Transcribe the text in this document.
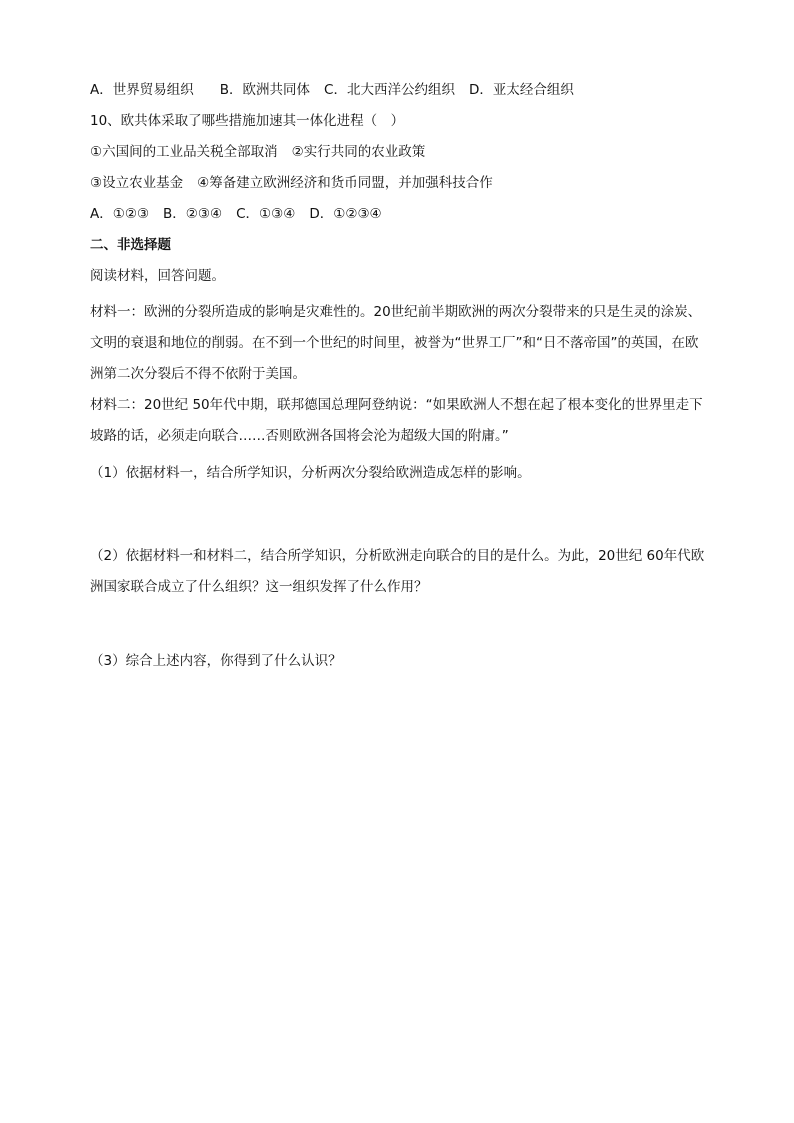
A．世界贸易组织 B．欧洲共同体 C．北大西洋公约组织 D．亚太经合组织
10、欧共体采取了哪些措施加速其一体化进程（　）
①六国间的工业品关税全部取消 ②实行共同的农业政策
③设立农业基金 ④筹备建立欧洲经济和货币同盟，并加强科技合作
A．①②③ B．②③④ C．①③④ D．①②③④
二、非选择题
阅读材料，回答问题。
材料一：欧洲的分裂所造成的影响是灾难性的。20世纪前半期欧洲的两次分裂带来的只是生灵的涂炭、文明的衰退和地位的削弱。在不到一个世纪的时间里，被誉为“世界工厂”和“日不落帝国”的英国，在欧洲第二次分裂后不得不依附于美国。
材料二：20世纪 50年代中期，联邦德国总理阿登纳说：“如果欧洲人不想在起了根本变化的世界里走下坡路的话，必须走向联合……否则欧洲各国将会沦为超级大国的附庸。”
（1）依据材料一，结合所学知识，分析两次分裂给欧洲造成怎样的影响。
（2）依据材料一和材料二，结合所学知识，分析欧洲走向联合的目的是什么。为此，20世纪 60年代欧洲国家联合成立了什么组织？这一组织发挥了什么作用？
（3）综合上述内容，你得到了什么认识？
